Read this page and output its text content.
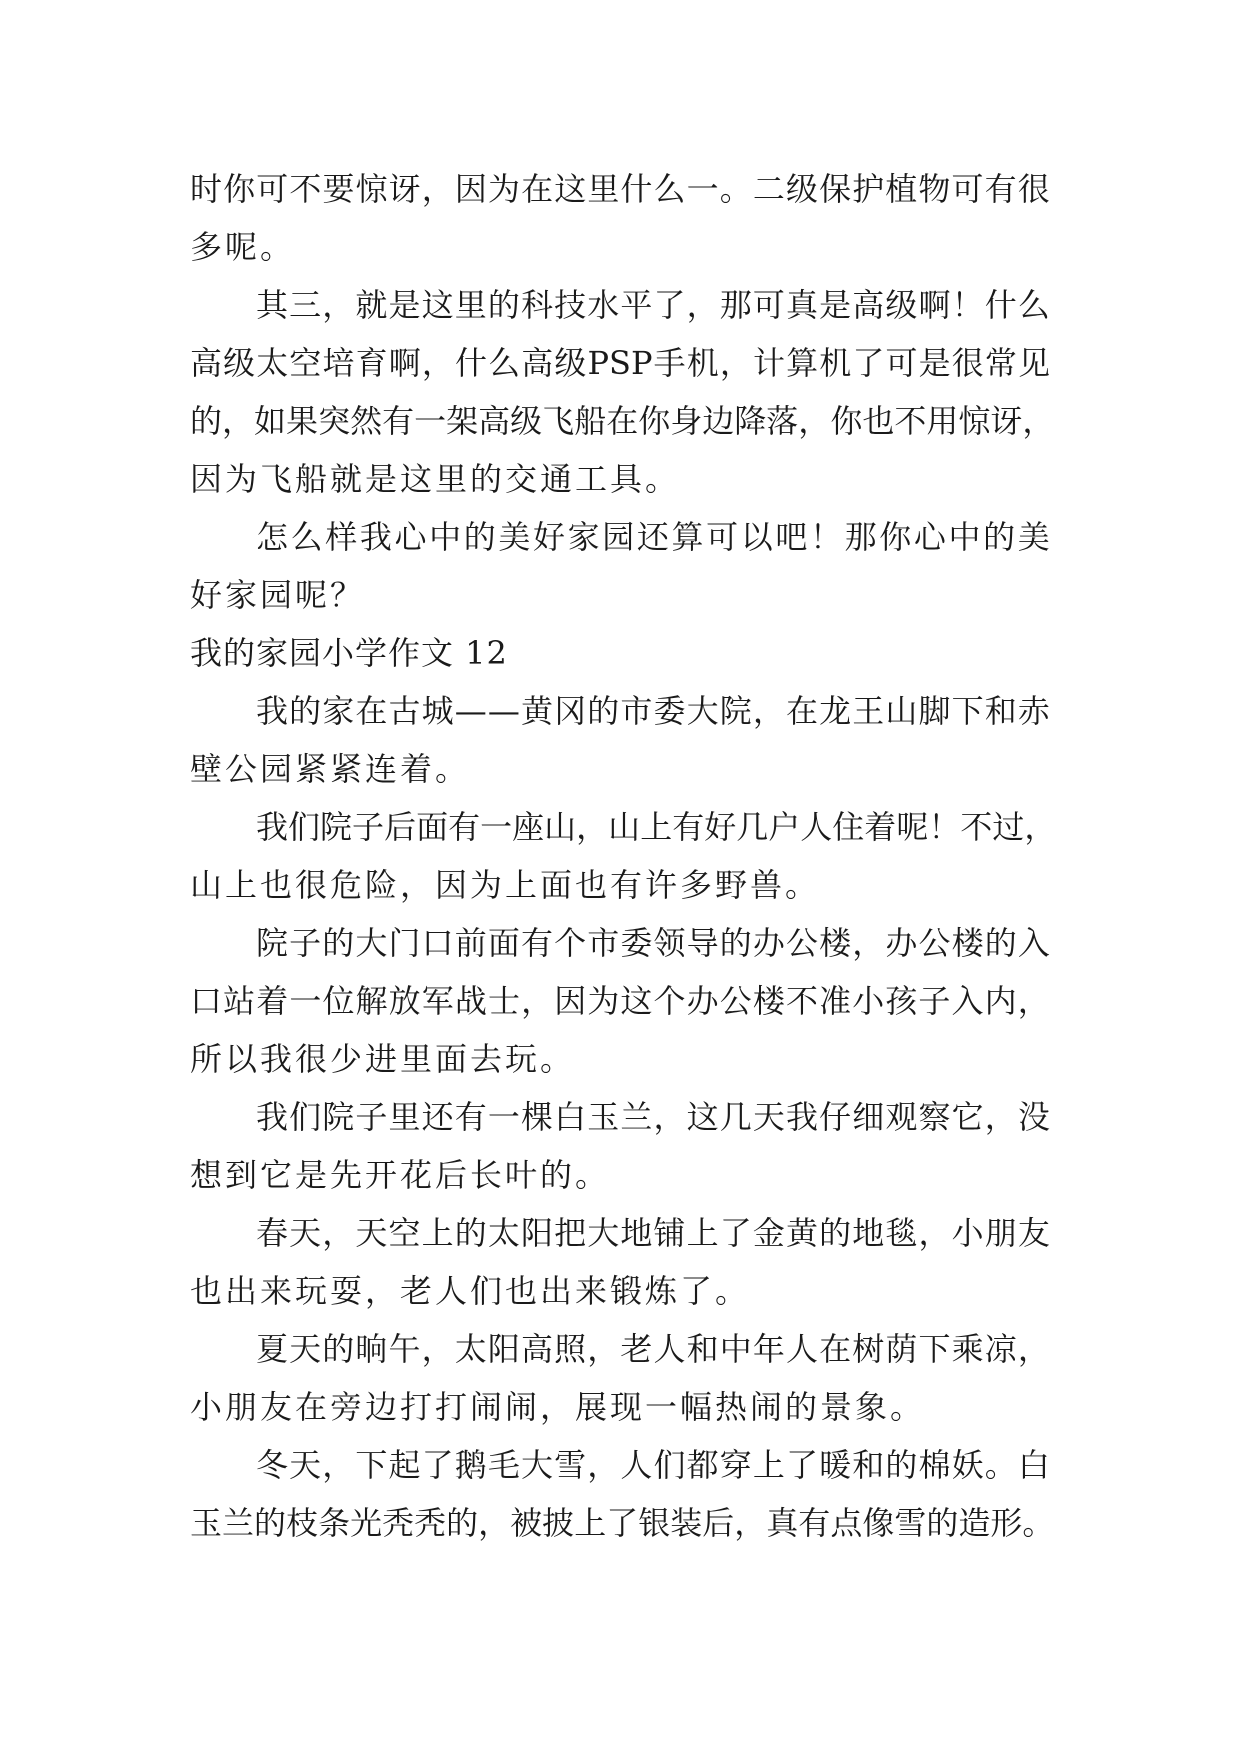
时 你 可 不 要 惊 讶 ， 因 为 在 这 里 什 么 一 。 二 级 保 护 植 物 可 有 很
多呢。
其 三 ， 就 是 这 里 的 科 技 水 平 了 ， 那 可 真 是 高 级 啊 ！ 什 么
高 级 太 空 培 育 啊 ， 什 么 高 级 PSP 手 机 ， 计 算 机 了 可 是 很 常 见
的 ， 如 果 突 然 有 一 架 高 级 飞 船 在 你 身 边 降 落 ， 你 也 不 用 惊 讶 ，
因为飞船就是这里的交通工具。
怎 么 样 我 心 中 的 美 好 家 园 还 算 可 以 吧 ！ 那 你 心 中 的 美
好家园呢？
我的家园小学作文 12
我 的 家 在 古 城 — — 黄 冈 的 市 委 大 院 ， 在 龙 王 山 脚 下 和 赤
壁公园紧紧连着。
我 们 院 子 后 面 有 一 座 山 ， 山 上 有 好 几 户 人 住 着 呢 ！ 不 过 ，
山上也很危险，因为上面也有许多野兽。
院 子 的 大 门 口 前 面 有 个 市 委 领 导 的 办 公 楼 ， 办 公 楼 的 入
口 站 着 一 位 解 放 军 战 士 ， 因 为 这 个 办 公 楼 不 准 小 孩 子 入 内 ，
所以我很少进里面去玩。
我 们 院 子 里 还 有 一 棵 白 玉 兰 ， 这 几 天 我 仔 细 观 察 它 ， 没
想到它是先开花后长叶的。
春 天 ， 天 空 上 的 太 阳 把 大 地 铺 上 了 金 黄 的 地 毯 ， 小 朋 友
也出来玩耍，老人们也出来锻炼了。
夏 天 的 晌 午 ， 太 阳 高 照 ， 老 人 和 中 年 人 在 树 荫 下 乘 凉 ，
小朋友在旁边打打闹闹，展现一幅热闹的景象。
冬 天 ， 下 起 了 鹅 毛 大 雪 ， 人 们 都 穿 上 了 暖 和 的 棉 妖 。 白
玉 兰 的 枝 条 光 秃 秃 的 ， 被 披 上 了 银 装 后 ， 真 有 点 像 雪 的 造 形 。
